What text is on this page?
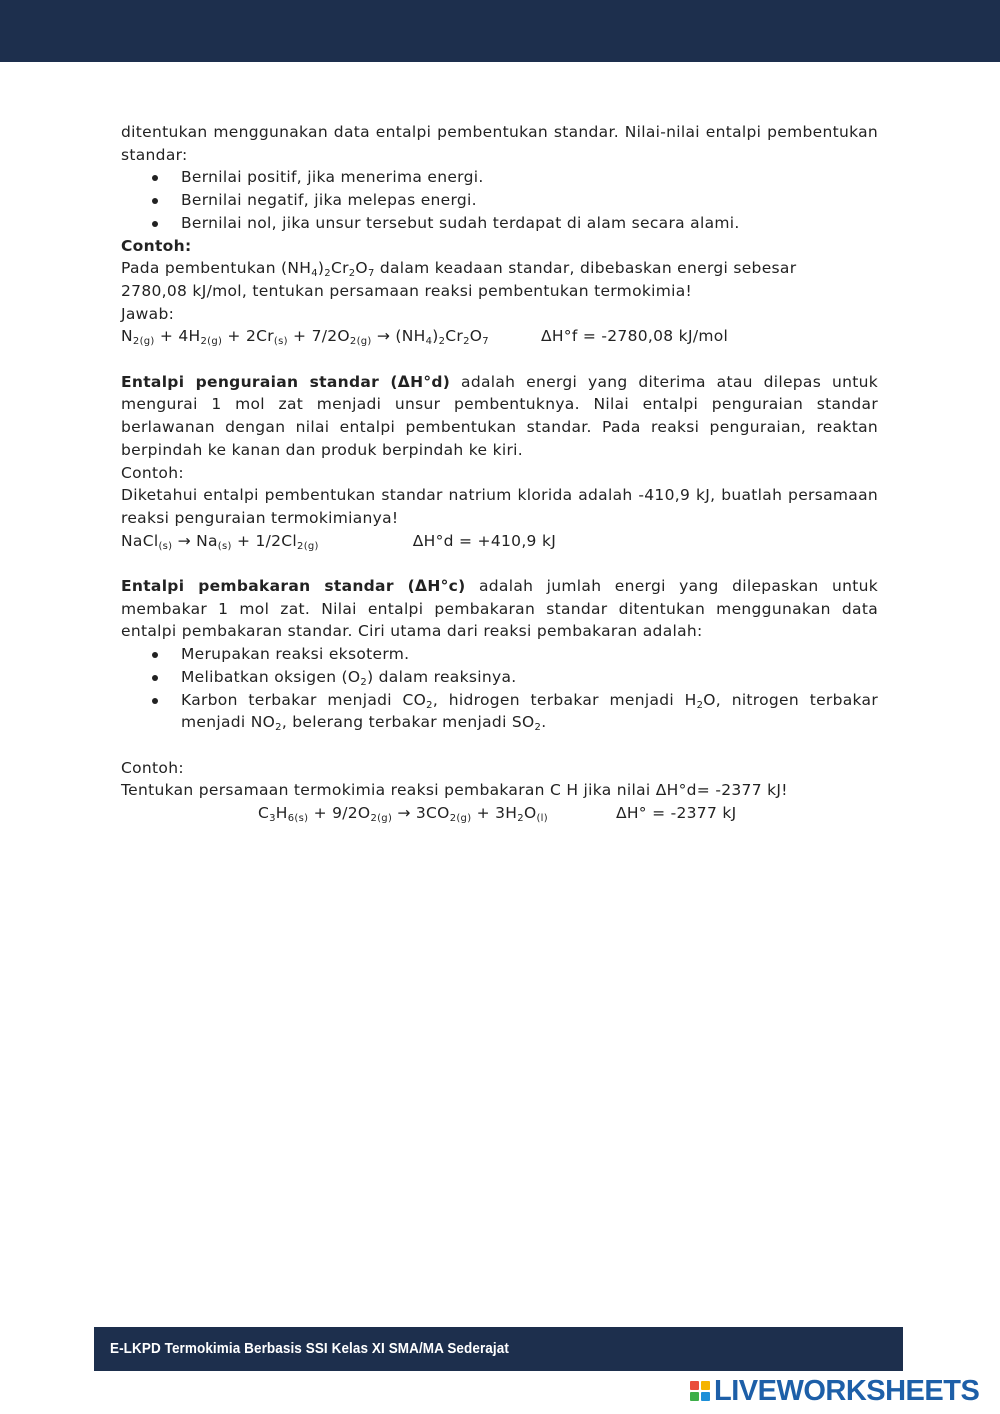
ditentukan menggunakan data entalpi pembentukan standar. Nilai-nilai entalpi pembentukan standar:

Bernilai positif, jika menerima energi.
Bernilai negatif, jika melepas energi.
Bernilai nol, jika unsur tersebut sudah terdapat di alam secara alami.

Contoh:

Pada pembentukan $(NH_4)_2Cr_2O_7$ dalam keadaan standar, dibebaskan energi sebesar

2780,08 kJ/mol, tentukan persamaan reaksi pembentukan termokimia!

Jawab:

$N_{2(g)} + 4H_{2(g)} + 2Cr_{(s)} + 7/2O_{2(g)} \to (NH_4)_2Cr_2O_7$	ΔH°f = -2780,08 kJ/mol

Entalpi penguraian standar (ΔH°d) adalah energi yang diterima atau dilepas untuk mengurai 1 mol zat menjadi unsur pembentuknya. Nilai entalpi penguraian standar berlawanan dengan nilai entalpi pembentukan standar. Pada reaksi penguraian, reaktan berpindah ke kanan dan produk berpindah ke kiri.

Contoh:

Diketahui entalpi pembentukan standar natrium klorida adalah -410,9 kJ, buatlah persamaan reaksi penguraian termokimianya!

NaCl$_{(s)}$ → $Na_{(s)} + 1/2Cl_{2(g)}$	ΔH°d = +410,9 kJ

Entalpi pembakaran standar (ΔH°c) adalah jumlah energi yang dilepaskan untuk membakar 1 mol zat. Nilai entalpi pembakaran standar ditentukan menggunakan data entalpi pembakaran standar. Ciri utama dari reaksi pembakaran adalah:

Merupakan reaksi eksoterm.
Melibatkan oksigen $(O_2)$ dalam reaksinya.
Karbon terbakar menjadi $CO_2$, hidrogen terbakar menjadi $H_2O$, nitrogen terbakar menjadi $NO_2$, belerang terbakar menjadi $SO_2$.

Contoh:

Tentukan persamaan termokimia reaksi pembakaran C H jika nilai ΔH°d= -2377 kJ!

$C_3H_{6(s)} + 9/2O_{2(g)} \to 3CO_{2(g)} + 3H_2O_{(l)}$	ΔH° = -2377 kJ

E-LKPD Termokimia Berbasis SSI Kelas XI SMA/MA Sederajat
LIVEWORKSHEETS
